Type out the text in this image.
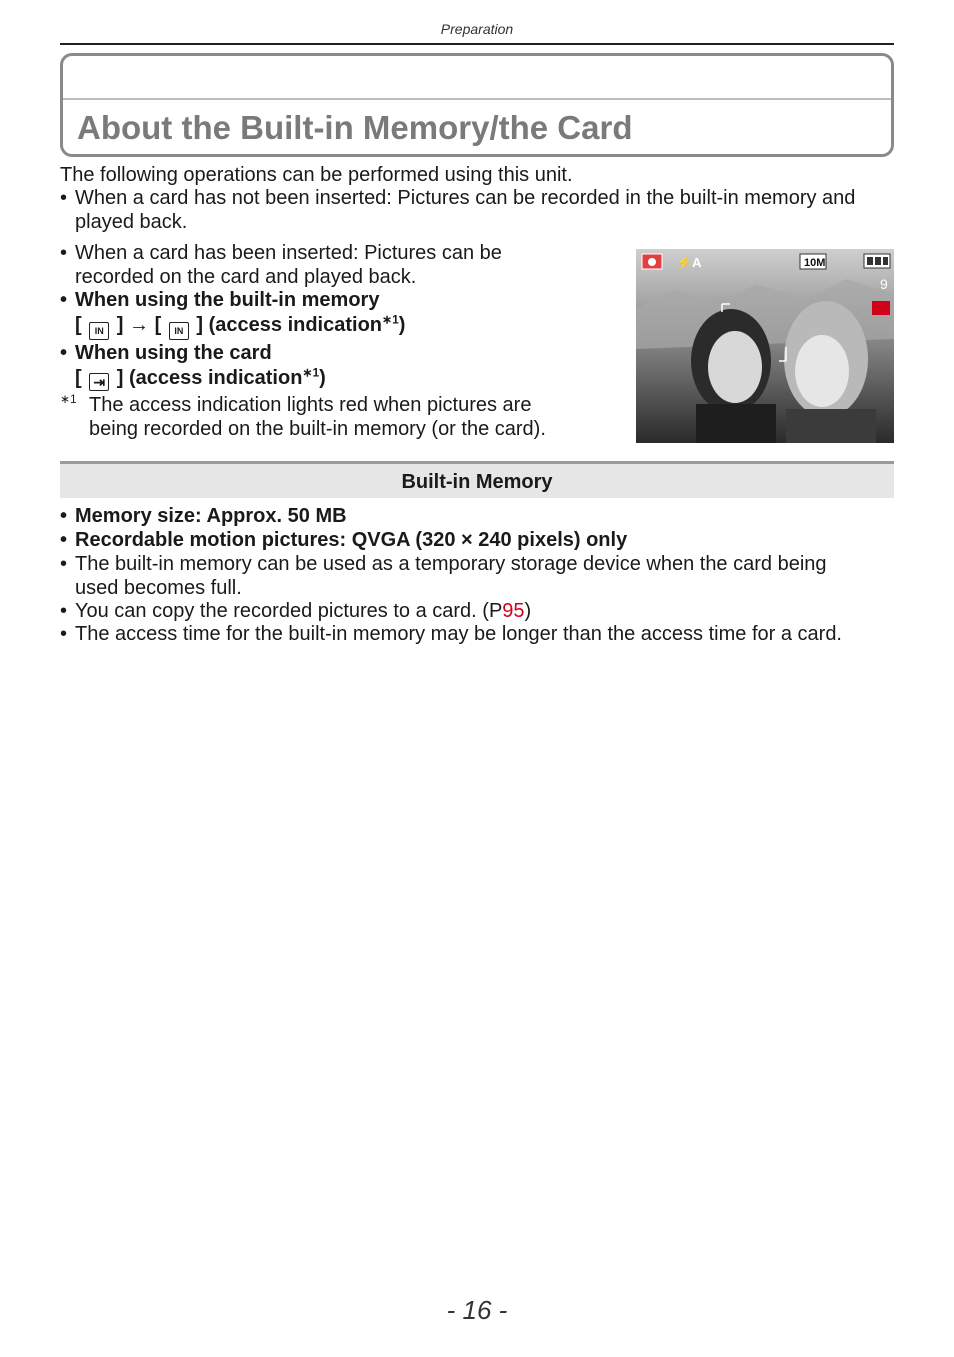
Preparation
About the Built-in Memory/the Card

The following operations can be performed using this unit.

• When a card has not been inserted: Pictures can be recorded in the built-in memory and

played back.

• When a card has been inserted: Pictures can be

recorded on the card and played back.

• When using the built-in memory

[ IN ] → [ IN ] (access indication$^{∗1}$)

• When using the card

[ ⇥ ] (access indication$^{∗1}$)

∗1 The access indication lights red when pictures are

being recorded on the built-in memory (or the card).

⚡A	10M
9
Built-in Memory
• Memory size: Approx. 50 MB

• Recordable motion pictures: QVGA (320 × 240 pixels) only

• The built-in memory can be used as a temporary storage device when the card being

used becomes full.

• You can copy the recorded pictures to a card. (P95)

• The access time for the built-in memory may be longer than the access time for a card.

- 16 -
